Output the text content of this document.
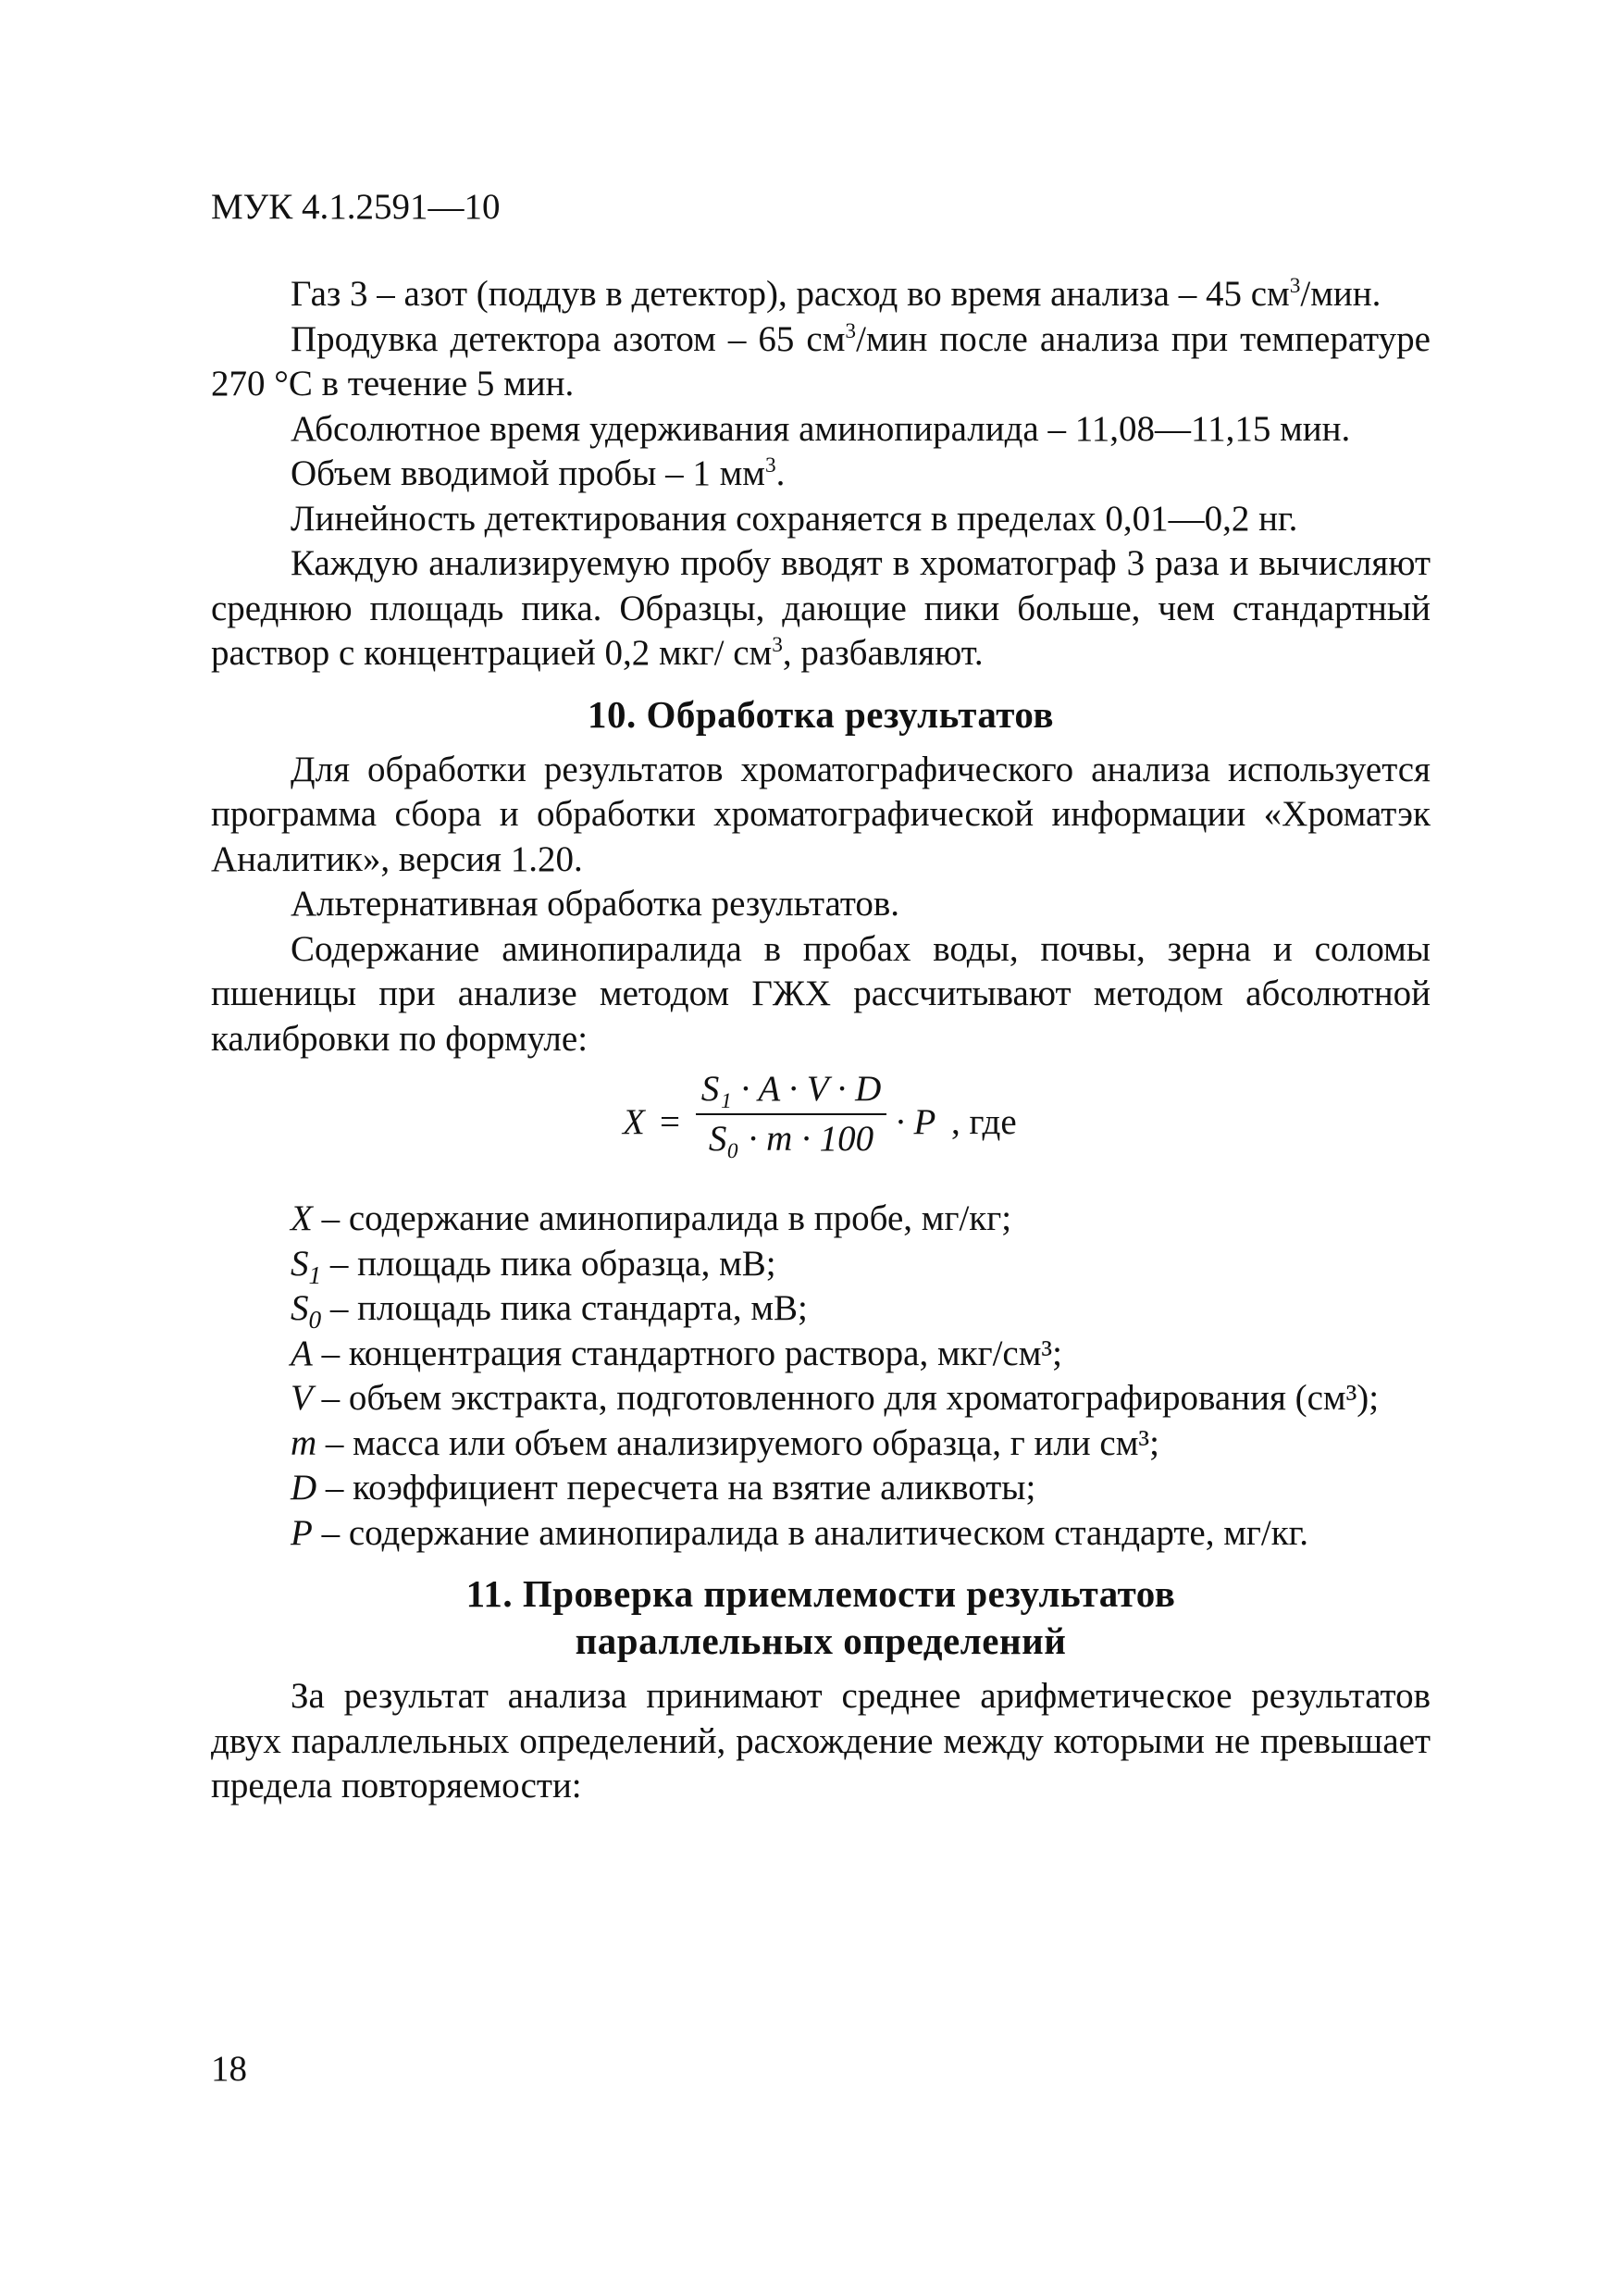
МУК 4.1.2591—10

Газ 3 – азот (поддув в детектор), расход во время анализа – 45 $см^3$/мин.

Продувка детектора азотом – 65 $см^3$/мин после анализа при температуре 270 °С в течение 5 мин.

Абсолютное время удерживания аминопиралида – 11,08—11,15 мин.

Объем вводимой пробы – 1 $мм^3$.

Линейность детектирования сохраняется в пределах 0,01—0,2 нг.

Каждую анализируемую пробу вводят в хроматограф 3 раза и вычисляют среднюю площадь пика. Образцы, дающие пики больше, чем стандартный раствор с концентрацией 0,2 мкг/ $см^3$, разбавляют.

10. Обработка результатов

Для обработки результатов хроматографического анализа используется программа сбора и обработки хроматографической информации «Хроматэк Аналитик», версия 1.20.

Альтернативная обработка результатов.

Содержание аминопиралида в пробах воды, почвы, зерна и соломы пшеницы при анализе методом ГЖХ рассчитывают методом абсолютной калибровки по формуле:

X =
S₁ · A · V · D
S₀ · m · 100 · P , где

X – содержание аминопиралида в пробе, мг/кг;

$S_1$ – площадь пика образца, мВ;

$S_0$ – площадь пика стандарта, мВ;

A – концентрация стандартного раствора, мкг/см³;

V – объем экстракта, подготовленного для хроматографирования (см³);

m – масса или объем анализируемого образца, г или см³;

D – коэффициент пересчета на взятие аликвоты;

P – содержание аминопиралида в аналитическом стандарте, мг/кг.

11. Проверка приемлемости результатов
параллельных определений

За результат анализа принимают среднее арифметическое результатов двух параллельных определений, расхождение между которыми не превышает предела повторяемости:

18
